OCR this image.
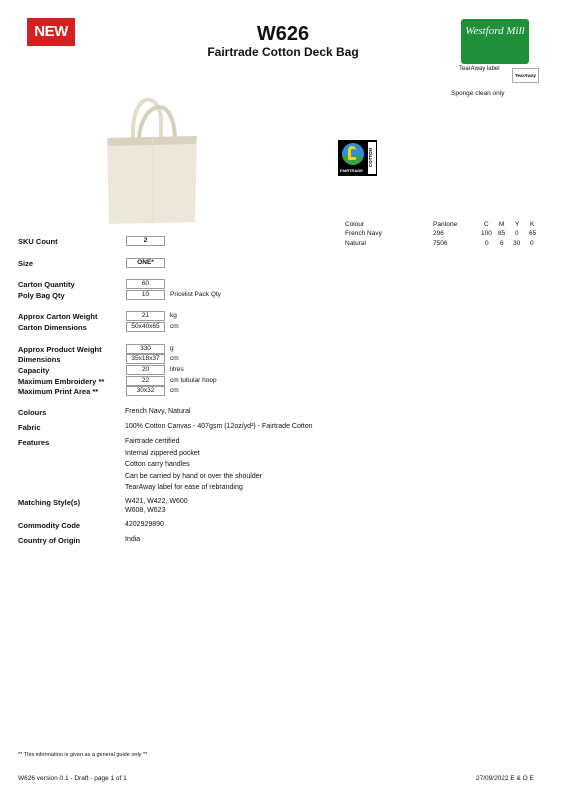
NEW	W626
Fairtrade Cotton Deck Bag
Westford Mill
TearAway label
TearAway
Sponge clean only
FAIRTRADE
COTTON
Colour	Pantone	C M Y K
French Navy	296	100 85 0 65
Natural	7506	0 6 30 0
SKU Count	2
Size	ONE*
Carton Quantity	60
Poly Bag Qty	10	Pricelist Pack Qty
Approx Carton Weight	21	kg
Carton Dimensions	50x40x65	cm
Approx Product Weight	330	g
Dimensions	35x18x37	cm
Capacity	20	litres
Maximum Embroidery **	22	cm tubular hoop
Maximum Print Area **	30x32	cm
Colours	French Navy, Natural
Fabric	100% Cotton Canvas - 407gsm (12oz/yd²) - Fairtrade Cotton
Features	Fairtrade certified
Internal zippered pocket
Cotton carry handles
Can be carried by hand or over the shoulder
TearAway label for ease of rebranding
Matching Style(s)	W421, W422, W600
W608, W623
Commodity Code	4202929890
Country of Origin	India
** This information is given as a general guide only **
W626 version 0.1 - Draft - page 1 of 1	27/09/2022 E & O E
